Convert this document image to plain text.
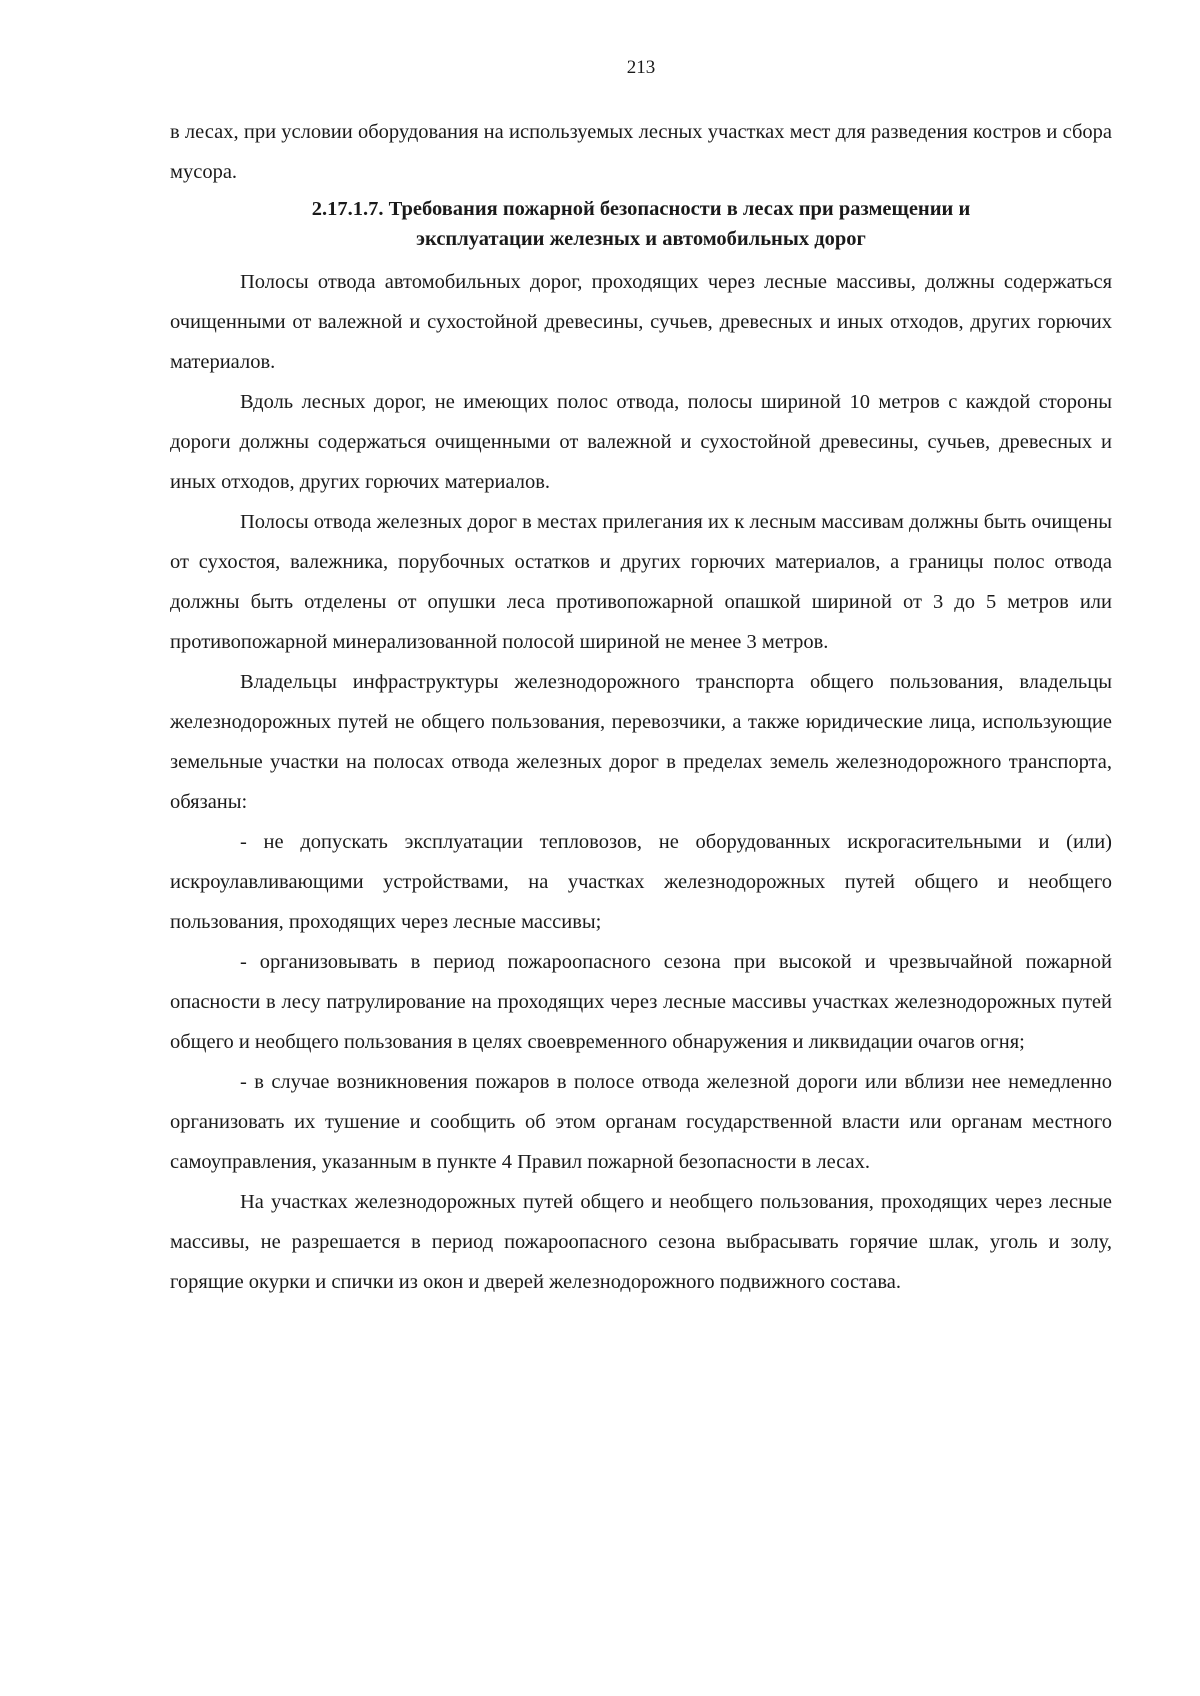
213

в лесах, при условии оборудования на используемых лесных участках мест для разведения костров и сбора мусора.

2.17.1.7. Требования пожарной безопасности в лесах при размещении и
эксплуатации железных и автомобильных дорог

Полосы отвода автомобильных дорог, проходящих через лесные массивы, должны содержаться очищенными от валежной и сухостойной древесины, сучьев, древесных и иных отходов, других горючих материалов.

Вдоль лесных дорог, не имеющих полос отвода, полосы шириной 10 метров с каждой стороны дороги должны содержаться очищенными от валежной и сухостойной древесины, сучьев, древесных и иных отходов, других горючих материалов.

Полосы отвода железных дорог в местах прилегания их к лесным массивам должны быть очищены от сухостоя, валежника, порубочных остатков и других горючих материалов, а границы полос отвода должны быть отделены от опушки леса противопожарной опашкой шириной от 3 до 5 метров или противопожарной минерализованной полосой шириной не менее 3 метров.

Владельцы инфраструктуры железнодорожного транспорта общего пользования, владельцы железнодорожных путей не общего пользования, перевозчики, а также юридические лица, использующие земельные участки на полосах отвода железных дорог в пределах земель железнодорожного транспорта, обязаны:

- не допускать эксплуатации тепловозов, не оборудованных искрогасительными и (или) искроулавливающими устройствами, на участках железнодорожных путей общего и необщего пользования, проходящих через лесные массивы;

- организовывать в период пожароопасного сезона при высокой и чрезвычайной пожарной опасности в лесу патрулирование на проходящих через лесные массивы участках железнодорожных путей общего и необщего пользования в целях своевременного обнаружения и ликвидации очагов огня;

- в случае возникновения пожаров в полосе отвода железной дороги или вблизи нее немедленно организовать их тушение и сообщить об этом органам государственной власти или органам местного самоуправления, указанным в пункте 4 Правил пожарной безопасности в лесах.

На участках железнодорожных путей общего и необщего пользования, проходящих через лесные массивы, не разрешается в период пожароопасного сезона выбрасывать горячие шлак, уголь и золу, горящие окурки и спички из окон и дверей железнодорожного подвижного состава.
